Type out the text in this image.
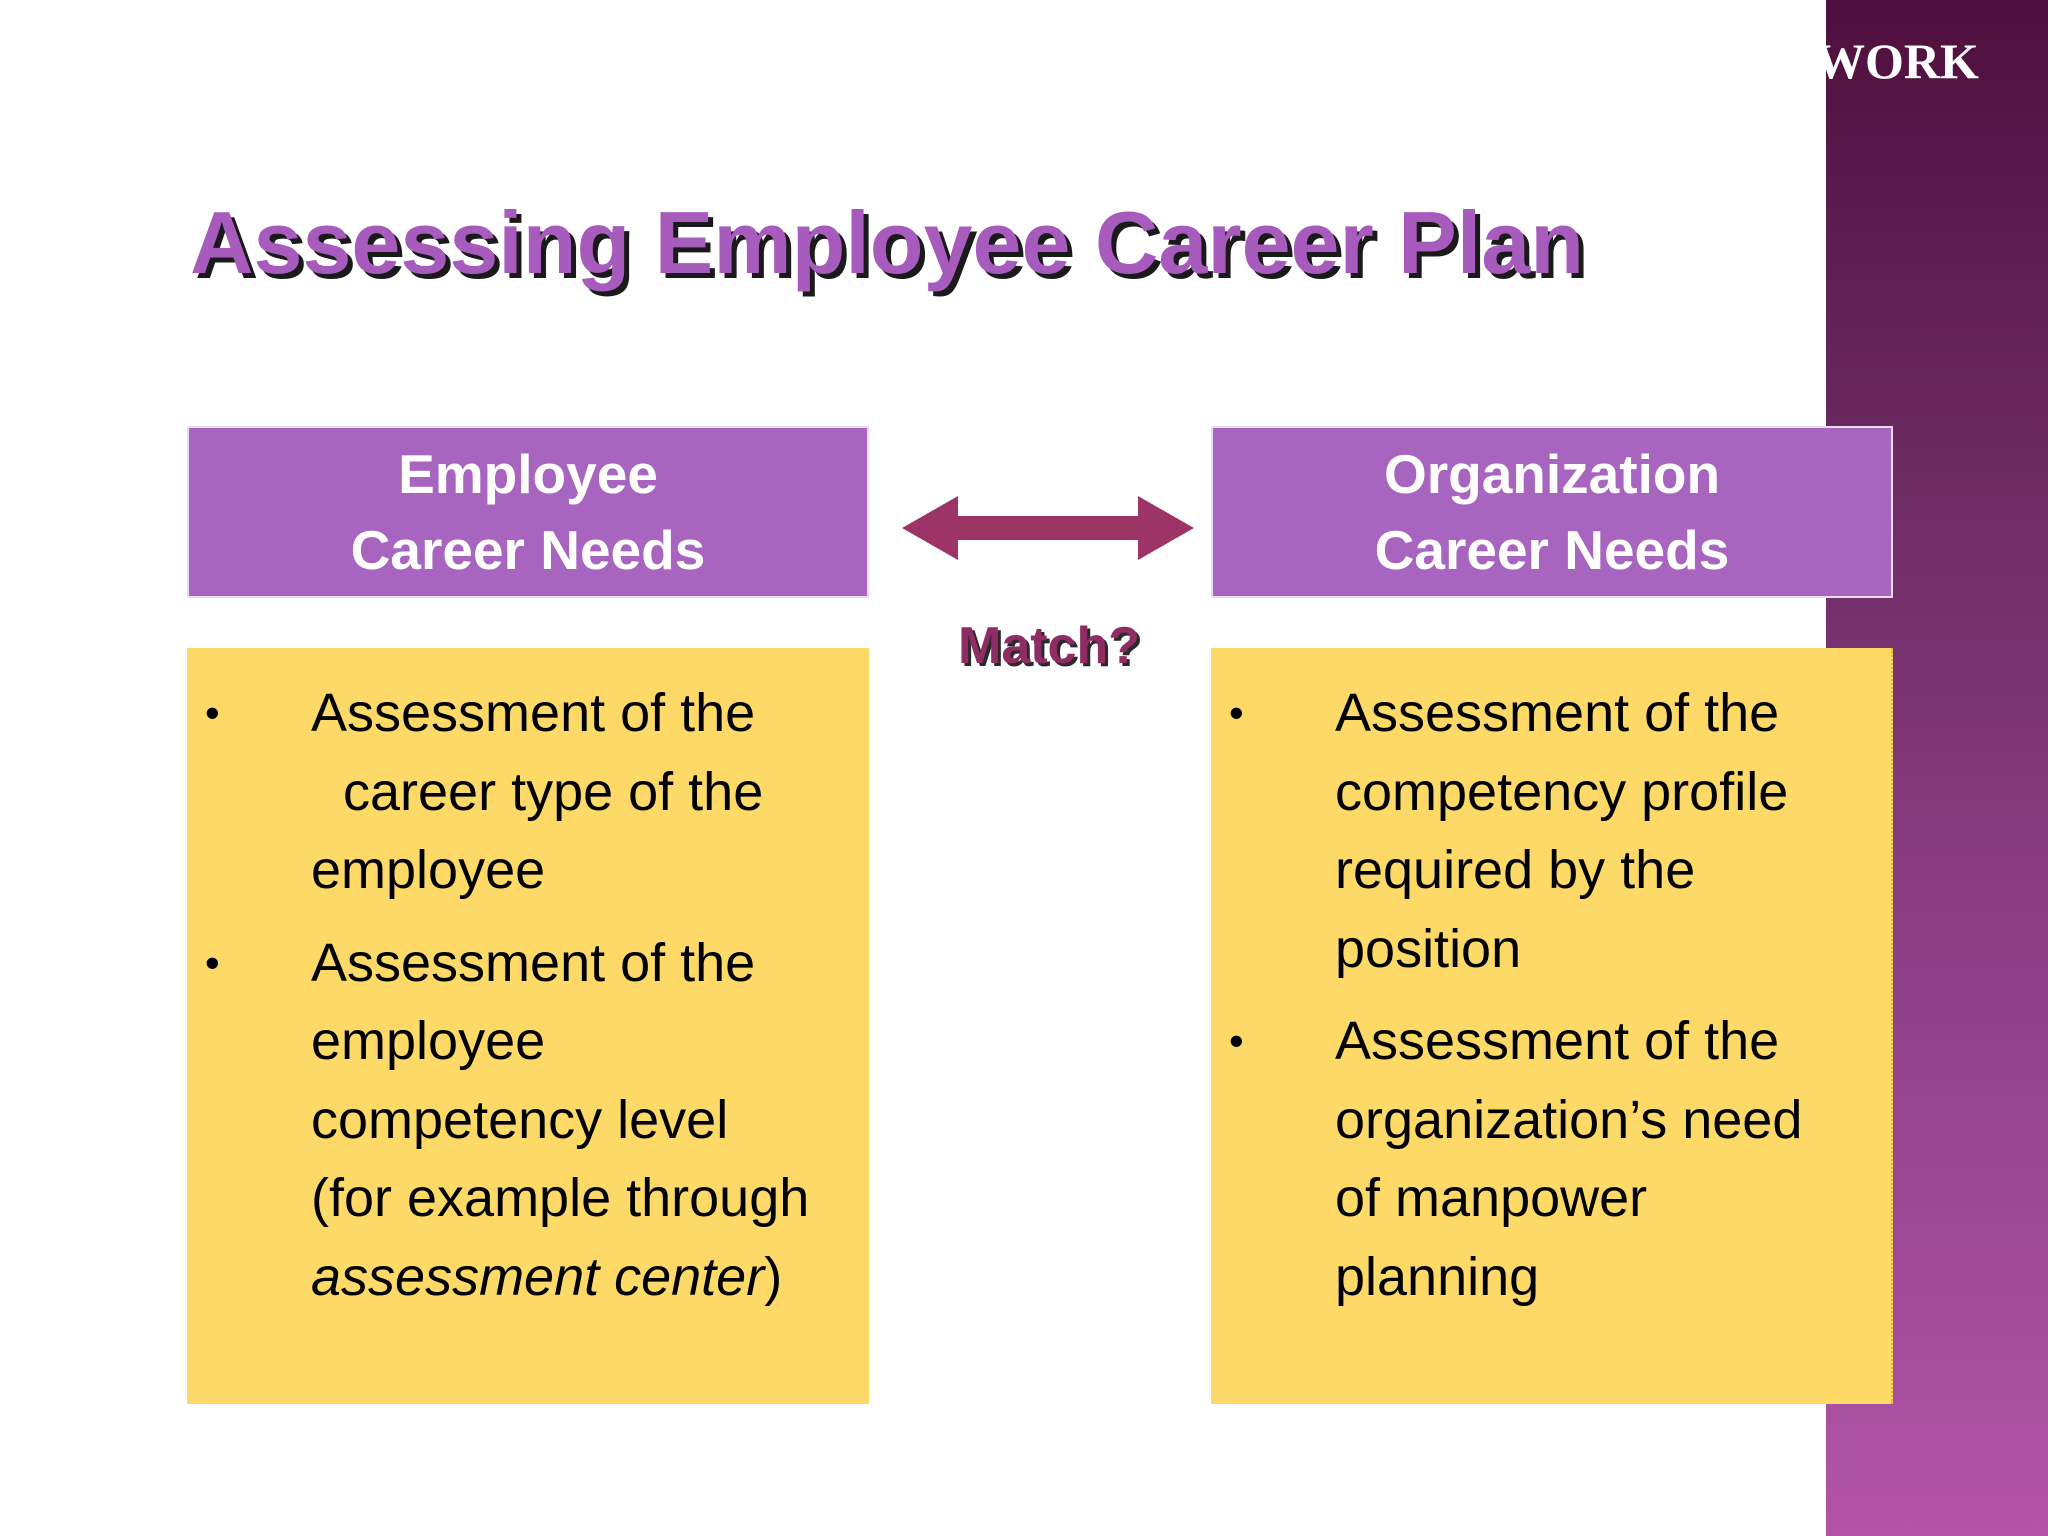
WORK
Assessing Employee Career Plan
Employee
Career Needs
Organization
Career Needs
Match?
• Assessment of the
career type of the
employee
• Assessment of the
employee
competency level
(for example through
assessment center)
• Assessment of the
competency profile
required by the
position
• Assessment of the
organization’s need
of manpower
planning
